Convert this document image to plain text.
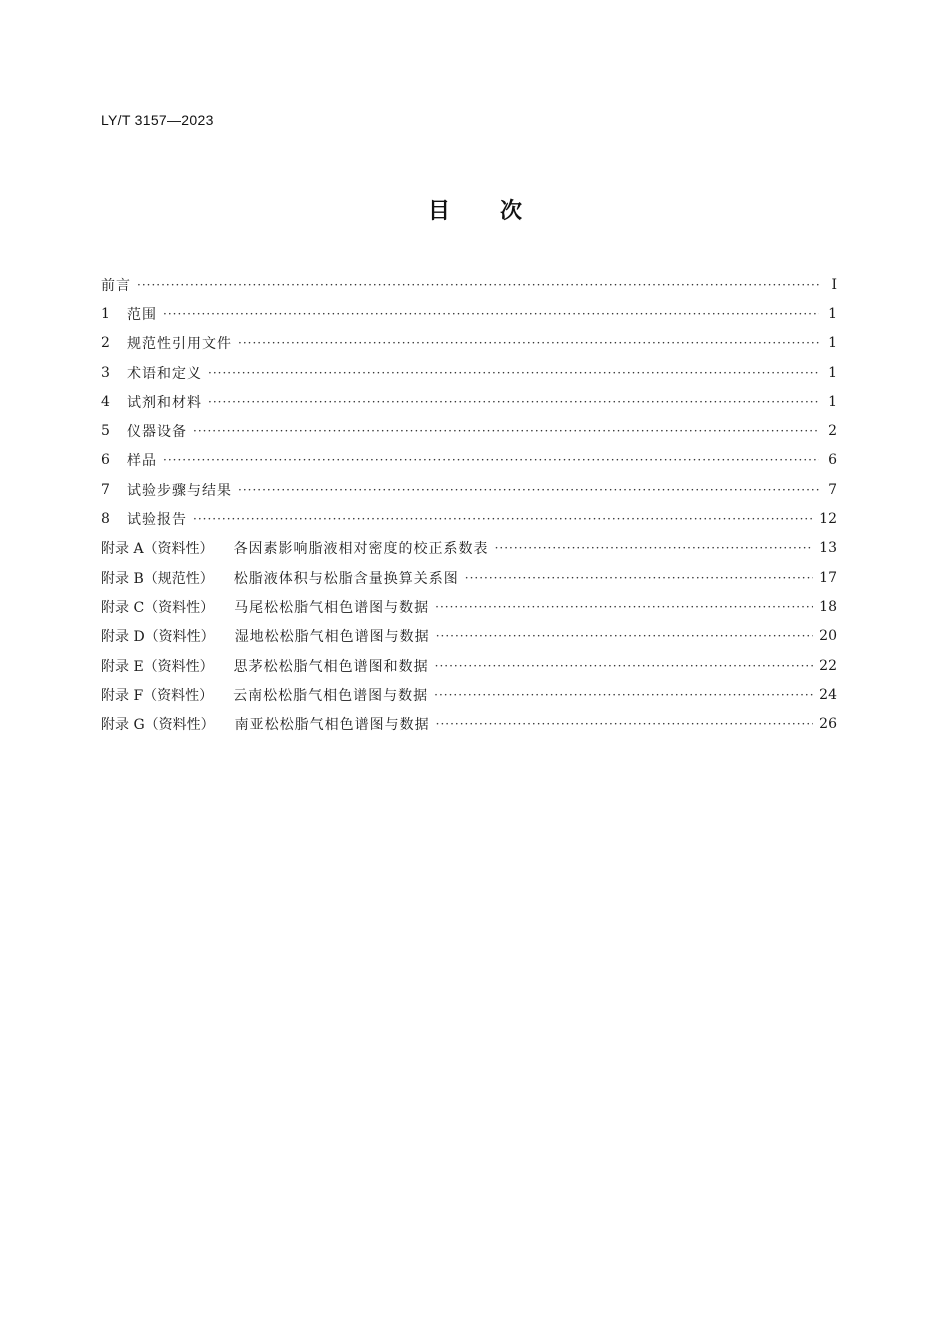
LY/T 3157—2023
目次
前言 ·····	Ⅰ
1	范围 ·····	1
2	规范性引用文件 ·····	1
3	术语和定义 ·····	1
4	试剂和材料 ·····	1
5	仪器设备 ·····	2
6	样品 ·····	6
7	试验步骤与结果 ·····	7
8	试验报告 ·····	12
附录 A（资料性） 各因素影响脂液相对密度的校正系数表 ·····	13
附录 B（规范性） 松脂液体积与松脂含量换算关系图 ·····	17
附录 C（资料性） 马尾松松脂气相色谱图与数据 ·····	18
附录 D（资料性） 湿地松松脂气相色谱图与数据 ·····	20
附录 E（资料性） 思茅松松脂气相色谱图和数据 ·····	22
附录 F（资料性） 云南松松脂气相色谱图与数据 ·····	24
附录 G（资料性） 南亚松松脂气相色谱图与数据 ·····	26
